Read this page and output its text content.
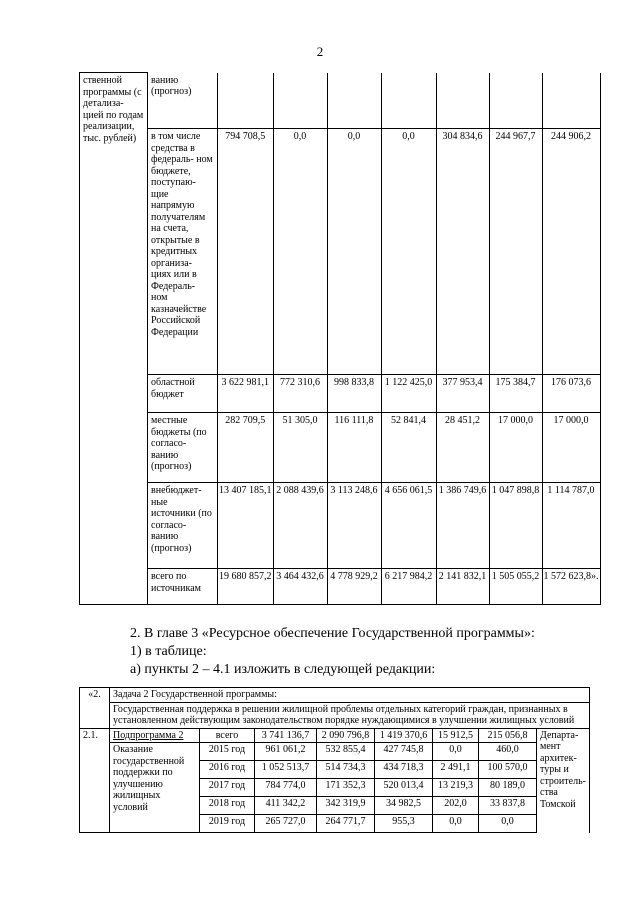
2
ственной программы (с детализа- цией по годам реализации, тыс. рублей)	ванию (прогноз)							
	в том числе средства в федераль- ном бюджете, поступаю- щие напрямую получателям на счета, открытые в кредитных организа- циях или в Федераль- ном казначействе Российской Федерации	794 708,5	0,0	0,0	0,0	304 834,6	244 967,7	244 906,2
	областной бюджет	3 622 981,1	772 310,6	998 833,8	1 122 425,0	377 953,4	175 384,7	176 073,6
	местные бюджеты (по согласо- ванию (прогноз)	282 709,5	51 305,0	116 111,8	52 841,4	28 451,2	17 000,0	17 000,0
	внебюджет- ные источники (по согласо- ванию (прогноз)	13 407 185,1	2 088 439,6	3 113 248,6	4 656 061,5	1 386 749,6	1 047 898,8	1 114 787,0
	всего по источникам	19 680 857,2	3 464 432,6	4 778 929,2	6 217 984,2	2 141 832,1	1 505 055,2	1 572 623,8».
2. В главе 3 «Ресурсное обеспечение Государственной программы»:
1) в таблице:
а) пункты 2 – 4.1 изложить в следующей редакции:
«2.	Задача 2 Государственной программы:							
	Государственная поддержка в решении жилищной проблемы отдельных категорий граждан, признанных в установленном действующим законодательством порядке нуждающимися в улучшении жилищных условий							
2.1.	Подпрограмма 2	всего	3 741 136,7	2 090 796,8	1 419 370,6	15 912,5	215 056,8	Департа- мент архитек- туры и строитель- ства Томской
	Оказание государственной поддержки по улучшению жилищных условий	2015 год	961 061,2	532 855,4	427 745,8	0,0	460,0	
		2016 год	1 052 513,7	514 734,3	434 718,3	2 491,1	100 570,0	
		2017 год	784 774,0	171 352,3	520 013,4	13 219,3	80 189,0	
		2018 год	411 342,2	342 319,9	34 982,5	202,0	33 837,8	
		2019 год	265 727,0	264 771,7	955,3	0,0	0,0	
